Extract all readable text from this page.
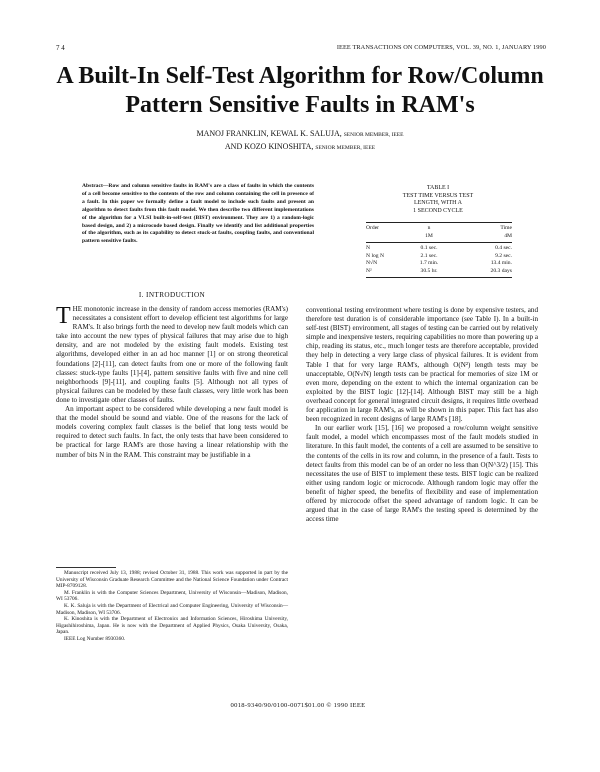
7 4	IEEE TRANSACTIONS ON COMPUTERS, VOL. 39, NO. 1, JANUARY 1990
A Built-In Self-Test Algorithm for Row/Column
Pattern Sensitive Faults in RAM's
MANOJ FRANKLIN, KEWAL K. SALUJA, SENIOR MEMBER, IEEE
AND KOZO KINOSHITA, SENIOR MEMBER, IEEE
Abstract—Row and column sensitive faults in RAM's are a class of faults in which the contents of a cell become sensitive to the contents of the row and column containing the cell in presence of a fault. In this paper we formally define a fault model to include such faults and present an algorithm to detect faults from this fault model. We then describe two different implementations of the algorithm for a VLSI built-in-self-test (BIST) environment. They are 1) a random-logic based design, and 2) a microcode based design. Finally we identify and list additional properties of the algorithm, such as its capability to detect stuck-at faults, coupling faults, and conventional pattern sensitive faults.
TABLE I
TEST TIME VERSUS TEST
LENGTH, WITH A
1 SECOND CYCLE
Order	n	Time
1M	4M
N	0.1 sec.	0.4 sec.
N log N	2.1 sec.	9.2 sec.
N√N	1.7 min.	13.4 min.
N²	30.5 hr.	20.3 days
I. INTRODUCTION

THE monotonic increase in the density of random access memories (RAM's) necessitates a consistent effort to develop efficient test algorithms for large RAM's. It also brings forth the need to develop new fault models which can take into account the new types of physical failures that may arise due to high density, and are not modeled by the existing fault models. Existing test algorithms, developed either in an ad hoc manner [1] or on strong theoretical foundations [2]-[11], can detect faults from one or more of the following fault classes: stuck-type faults [1]-[4], pattern sensitive faults with five and nine cell neighborhoods [9]-[11], and coupling faults [5]. Although not all types of physical failures can be modeled by these fault classes, very little work has been done to investigate other classes of faults.

An important aspect to be considered while developing a new fault model is that the model should be sound and viable. One of the reasons for the lack of models covering complex fault classes is the belief that long tests would be required to detect such faults. In fact, the only tests that have been considered to be practical for large RAM's are those having a linear relationship with the number of bits N in the RAM. This constraint may be justifiable in a

Manuscript received July 13, 1988; revised October 31, 1988. This work was supported in part by the University of Wisconsin Graduate Research Committee and the National Science Foundation under Contract MIP-8709128.

M. Franklin is with the Computer Sciences Department, University of Wisconsin—Madison, Madison, WI 53706.

K. K. Saluja is with the Department of Electrical and Computer Engineering, University of Wisconsin—Madison, Madison, WI 53706.

K. Kinoshita is with the Department of Electronics and Information Sciences, Hiroshima University, Higashihiroshima, Japan. He is now with the Department of Applied Physics, Osaka University, Osaka, Japan.

IEEE Log Number 8930360.

conventional testing environment where testing is done by expensive testers, and therefore test duration is of considerable importance (see Table I). In a built-in self-test (BIST) environment, all stages of testing can be carried out by relatively simple and inexpensive testers, requiring capabilities no more than powering up a chip, reading its status, etc., much longer tests are therefore acceptable, provided they help in detecting a very large class of physical failures. It is evident from Table I that for very large RAM's, although O(N²) length tests may be unacceptable, O(N√N) length tests can be practical for memories of size 1M or even more, depending on the extent to which the internal organization can be exploited by the BIST logic [12]-[14]. Although BIST may still be a high overhead concept for general integrated circuit designs, it requires little overhead for application in large RAM's, as will be shown in this paper. This fact has also been recognized in recent designs of large RAM's [18].

In our earlier work [15], [16] we proposed a row/column weight sensitive fault model, a model which encompasses most of the fault models studied in literature. In this fault model, the contents of a cell are assumed to be sensitive to the contents of the cells in its row and column, in the presence of a fault. Tests to detect faults from this model can be of an order no less than O(N^3/2) [15]. This necessitates the use of BIST to implement these tests. BIST logic can be realized either using random logic or microcode. Although random logic may offer the benefit of higher speed, the benefits of flexibility and ease of implementation offered by microcode offset the speed advantage of random logic. It can be argued that in the case of large RAM's the testing speed is determined by the access time

0018-9340/90/0100-0071$01.00 © 1990 IEEE
